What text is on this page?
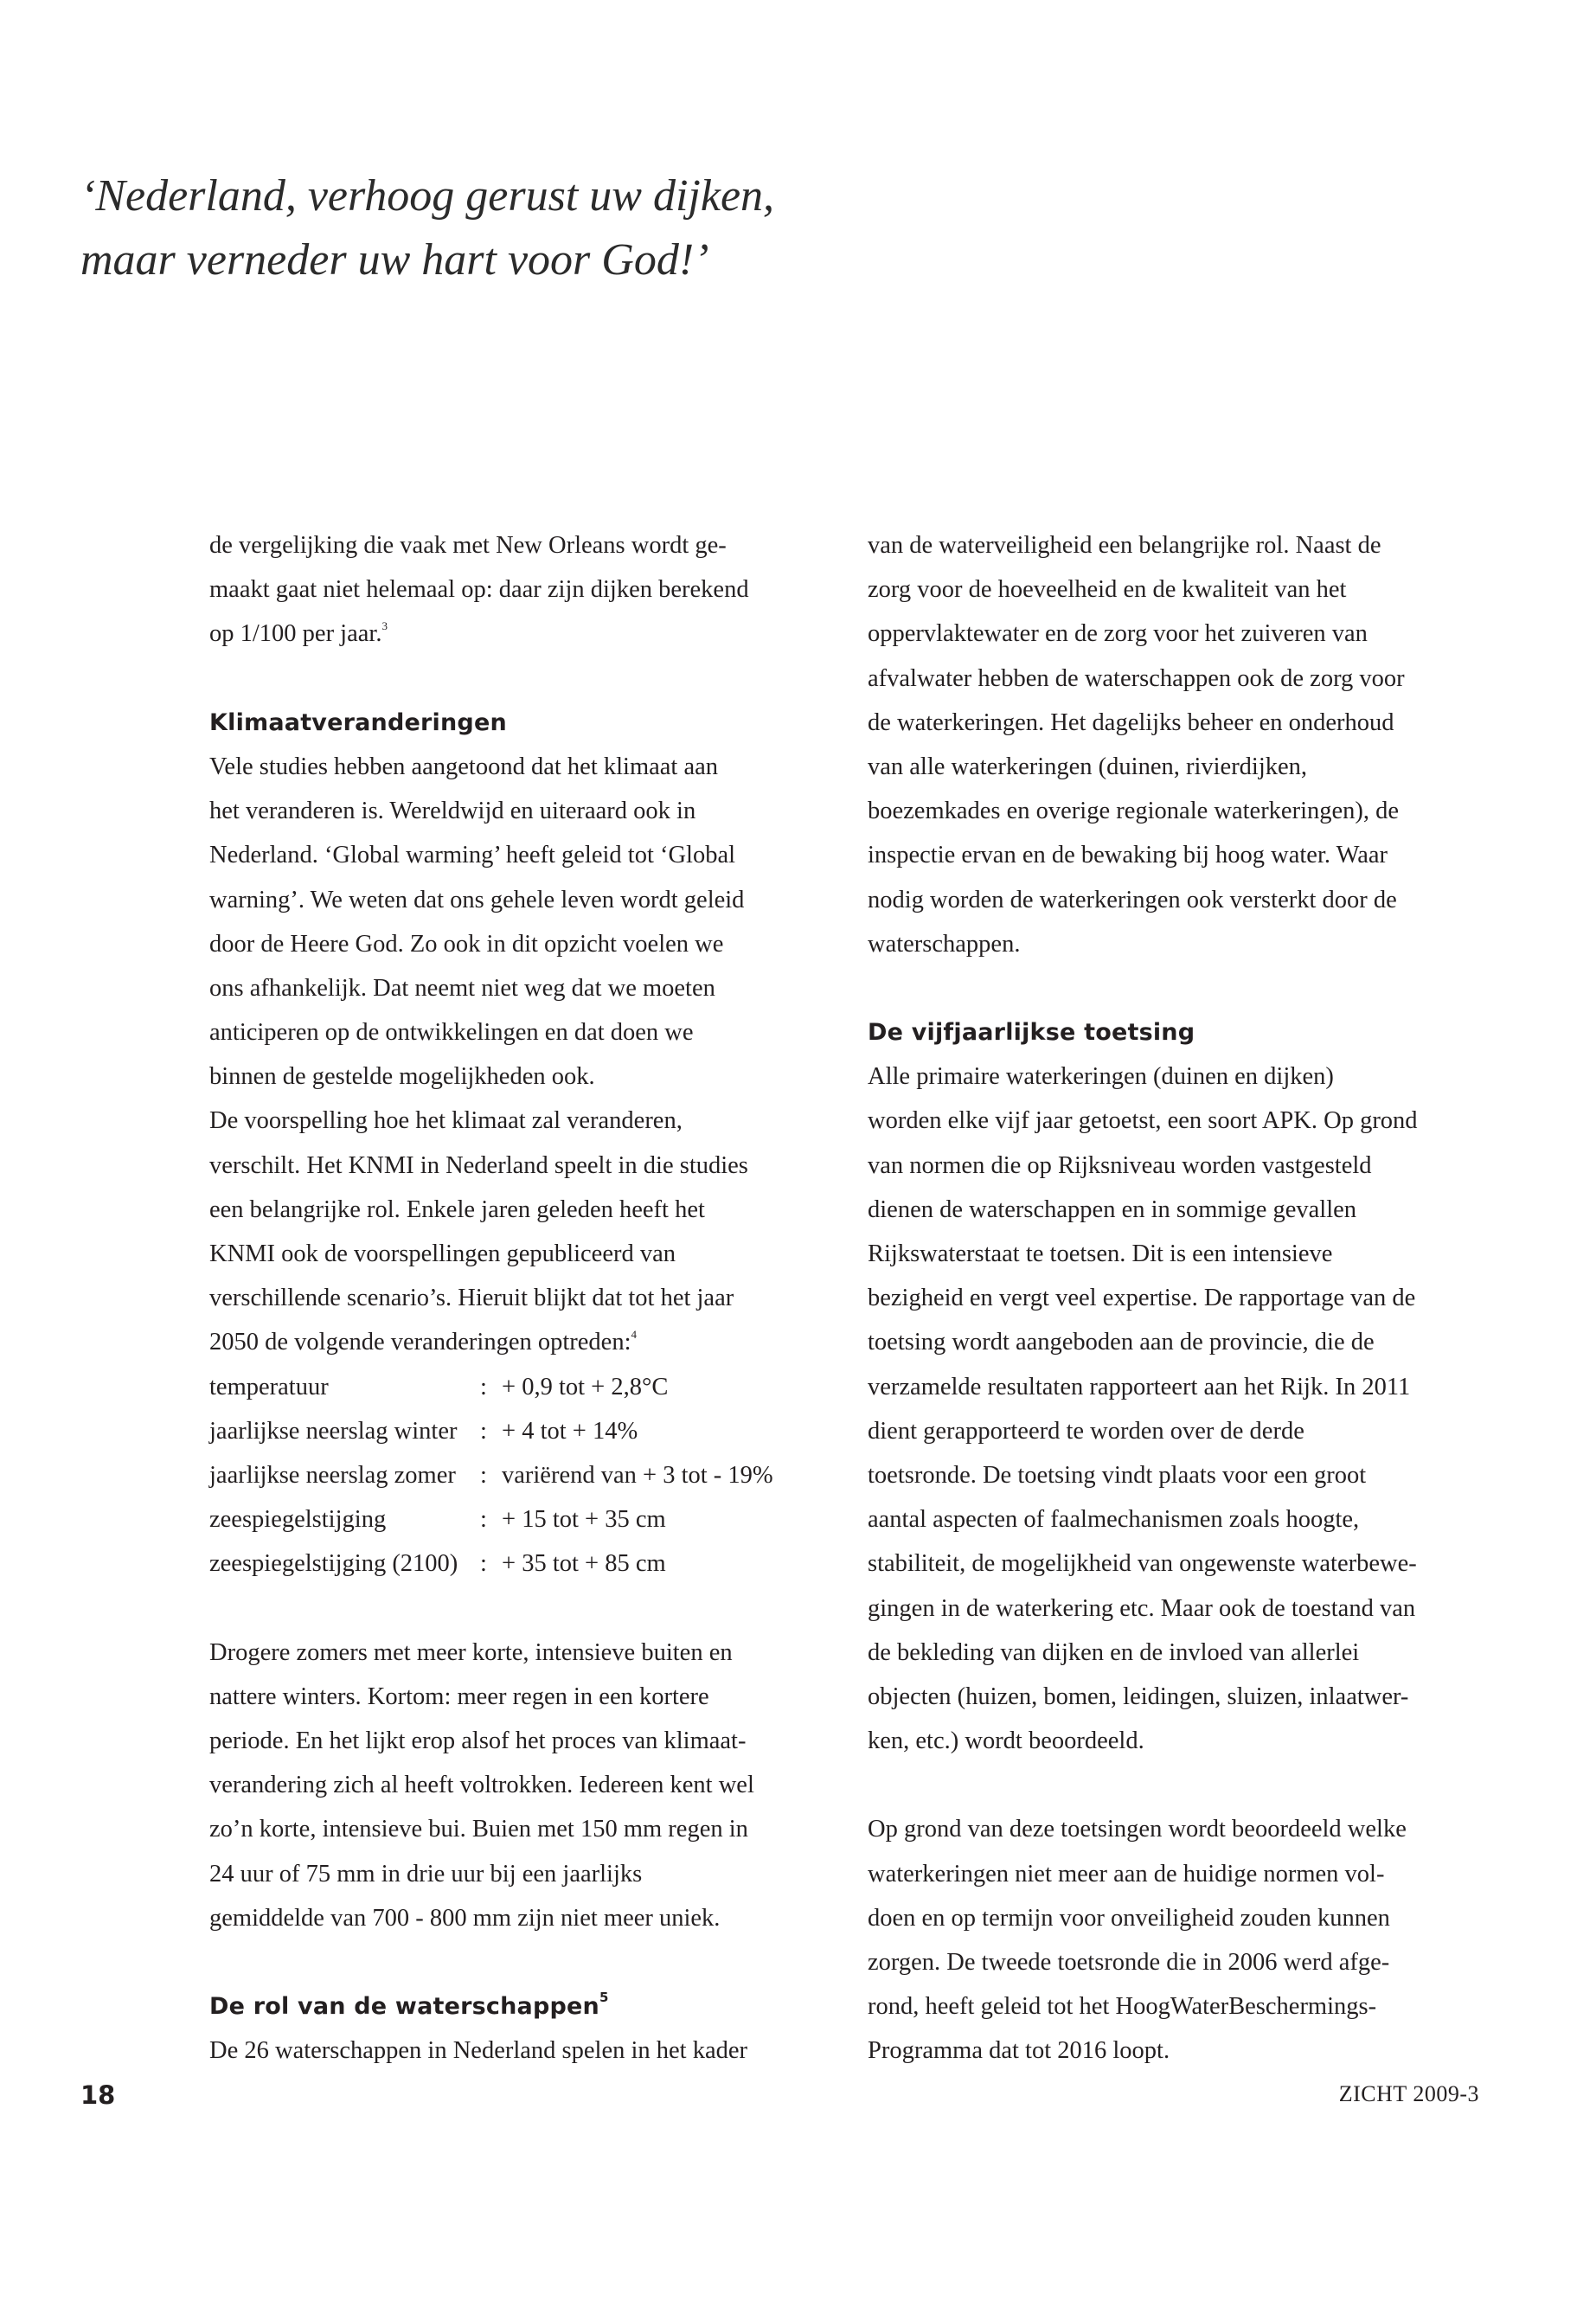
‘Nederland, verhoog gerust uw dijken,
maar verneder uw hart voor God!’
de vergelijking die vaak met New Orleans wordt ge-
maakt gaat niet helemaal op: daar zijn dijken berekend
op 1/100 per jaar.$^3$
Klimaatveranderingen
Vele studies hebben aangetoond dat het klimaat aan
het veranderen is. Wereldwijd en uiteraard ook in
Nederland. ‘Global warming’ heeft geleid tot ‘Global
warning’. We weten dat ons gehele leven wordt geleid
door de Heere God. Zo ook in dit opzicht voelen we
ons afhankelijk. Dat neemt niet weg dat we moeten
anticiperen op de ontwikkelingen en dat doen we
binnen de gestelde mogelijkheden ook.
De voorspelling hoe het klimaat zal veranderen,
verschilt. Het KNMI in Nederland speelt in die studies
een belangrijke rol. Enkele jaren geleden heeft het
KNMI ook de voorspellingen gepubliceerd van
verschillende scenario’s. Hieruit blijkt dat tot het jaar
2050 de volgende veranderingen optreden:$^4$
temperatuur	: + 0,9 tot + 2,8°C
jaarlijkse neerslag winter : + 4 tot + 14%
jaarlijkse neerslag zomer : variërend van + 3 tot - 19%
zeespiegelstijging	: + 15 tot + 35 cm
zeespiegelstijging (2100) : + 35 tot + 85 cm
Drogere zomers met meer korte, intensieve buiten en
nattere winters. Kortom: meer regen in een kortere
periode. En het lijkt erop alsof het proces van klimaat-
verandering zich al heeft voltrokken. Iedereen kent wel
zo’n korte, intensieve bui. Buien met 150 mm regen in
24 uur of 75 mm in drie uur bij een jaarlijks
gemiddelde van 700 - 800 mm zijn niet meer uniek.
De rol van de waterschappen$^5$
De 26 waterschappen in Nederland spelen in het kader
van de waterveiligheid een belangrijke rol. Naast de
zorg voor de hoeveelheid en de kwaliteit van het
oppervlaktewater en de zorg voor het zuiveren van
afvalwater hebben de waterschappen ook de zorg voor
de waterkeringen. Het dagelijks beheer en onderhoud
van alle waterkeringen (duinen, rivierdijken,
boezemkades en overige regionale waterkeringen), de
inspectie ervan en de bewaking bij hoog water. Waar
nodig worden de waterkeringen ook versterkt door de
waterschappen.
De vijfjaarlijkse toetsing
Alle primaire waterkeringen (duinen en dijken)
worden elke vijf jaar getoetst, een soort APK. Op grond
van normen die op Rijksniveau worden vastgesteld
dienen de waterschappen en in sommige gevallen
Rijkswaterstaat te toetsen. Dit is een intensieve
bezigheid en vergt veel expertise. De rapportage van de
toetsing wordt aangeboden aan de provincie, die de
verzamelde resultaten rapporteert aan het Rijk. In 2011
dient gerapporteerd te worden over de derde
toetsronde. De toetsing vindt plaats voor een groot
aantal aspecten of faalmechanismen zoals hoogte,
stabiliteit, de mogelijkheid van ongewenste waterbewe-
gingen in de waterkering etc. Maar ook de toestand van
de bekleding van dijken en de invloed van allerlei
objecten (huizen, bomen, leidingen, sluizen, inlaatwer-
ken, etc.) wordt beoordeeld.
Op grond van deze toetsingen wordt beoordeeld welke
waterkeringen niet meer aan de huidige normen vol-
doen en op termijn voor onveiligheid zouden kunnen
zorgen. De tweede toetsronde die in 2006 werd afge-
rond, heeft geleid tot het HoogWaterBeschermings-
Programma dat tot 2016 loopt.
18	ZICHT 2009-3
